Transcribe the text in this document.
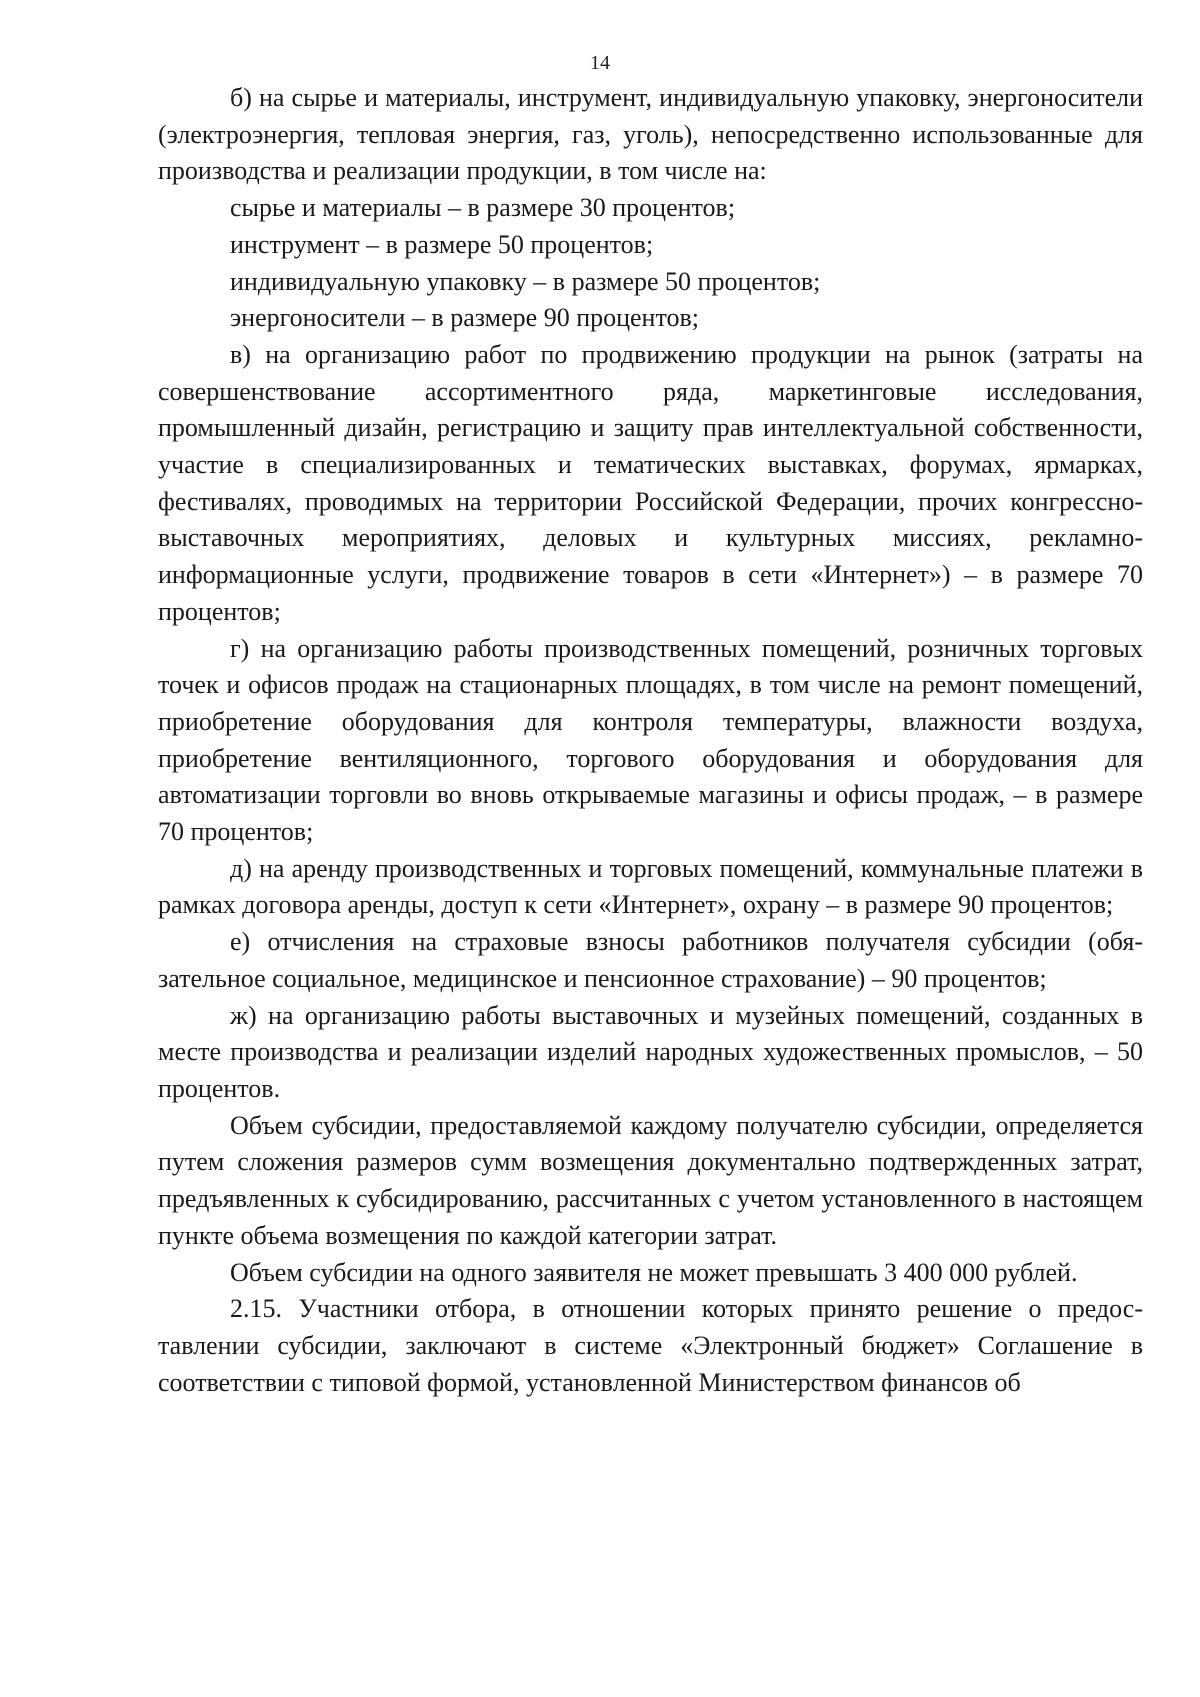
14

б) на сырье и материалы, инструмент, индивидуальную упаковку, энергоносители (электроэнергия, тепловая энергия, газ, уголь), непосредственно использованные для производства и реализации продукции, в том числе на:

сырье и материалы – в размере 30 процентов;

инструмент – в размере 50 процентов;

индивидуальную упаковку – в размере 50 процентов;

энергоносители – в размере 90 процентов;

в) на организацию работ по продвижению продукции на рынок (затраты на совершенствование ассортиментного ряда, маркетинговые исследования, промышленный дизайн, регистрацию и защиту прав интеллектуальной собственности, участие в специализированных и тематических выставках, форумах, ярмарках, фестивалях, проводимых на территории Российской Федерации, прочих конгрессно-выставочных мероприятиях, деловых и культурных миссиях, рекламно-информационные услуги, продвижение товаров в сети «Интернет») – в размере 70 процентов;

г) на организацию работы производственных помещений, розничных торговых точек и офисов продаж на стационарных площадях, в том числе на ремонт помещений, приобретение оборудования для контроля температуры, влажности воздуха, приобретение вентиляционного, торгового оборудования и оборудования для автоматизации торговли во вновь открываемые магазины и офисы продаж, – в размере 70 процентов;

д) на аренду производственных и торговых помещений, коммунальные платежи в рамках договора аренды, доступ к сети «Интернет», охрану – в размере 90 процентов;

е) отчисления на страховые взносы работников получателя субсидии (обязательное социальное, медицинское и пенсионное страхование) – 90 процентов;

ж) на организацию работы выставочных и музейных помещений, созданных в месте производства и реализации изделий народных художественных промыслов, – 50 процентов.

Объем субсидии, предоставляемой каждому получателю субсидии, определяется путем сложения размеров сумм возмещения документально подтвержденных затрат, предъявленных к субсидированию, рассчитанных с учетом установленного в настоящем пункте объема возмещения по каждой категории затрат.

Объем субсидии на одного заявителя не может превышать 3 400 000 рублей.

2.15. Участники отбора, в отношении которых принято решение о предоставлении субсидии, заключают в системе «Электронный бюджет» Соглашение в соответствии с типовой формой, установленной Министерством финансов об
